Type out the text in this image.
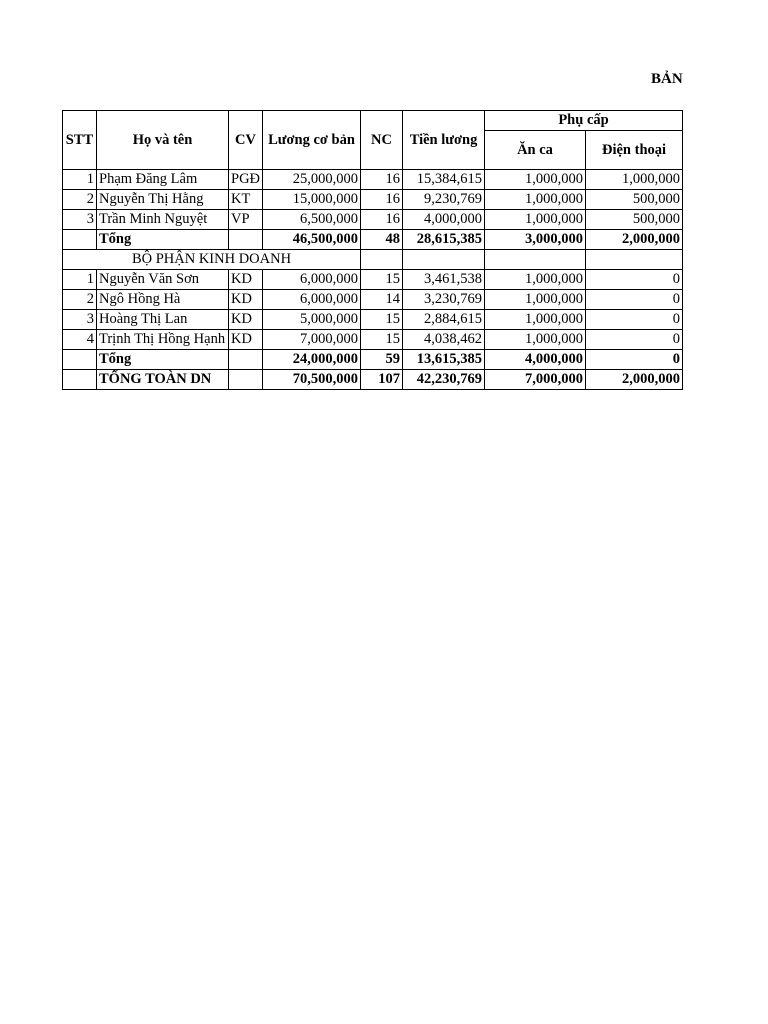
BẢN
STT	Họ và tên	CV	Lương cơ bản	NC	Tiền lương	Phụ cấp	
						Ăn ca	Điện thoại
1	Phạm Đăng Lâm	PGĐ	25,000,000	16	15,384,615	1,000,000	1,000,000
2	Nguyễn Thị Hằng	KT	15,000,000	16	9,230,769	1,000,000	500,000
3	Trần Minh Nguyệt	VP	6,500,000	16	4,000,000	1,000,000	500,000
	Tổng		46,500,000	48	28,615,385	3,000,000	2,000,000
BỘ PHẬN KINH DOANH							
1	Nguyễn Văn Sơn	KD	6,000,000	15	3,461,538	1,000,000	0
2	Ngô Hồng Hà	KD	6,000,000	14	3,230,769	1,000,000	0
3	Hoàng Thị Lan	KD	5,000,000	15	2,884,615	1,000,000	0
4	Trịnh Thị Hồng Hạnh	KD	7,000,000	15	4,038,462	1,000,000	0
	Tổng		24,000,000	59	13,615,385	4,000,000	0
	TỔNG TOÀN DN		70,500,000	107	42,230,769	7,000,000	2,000,000
